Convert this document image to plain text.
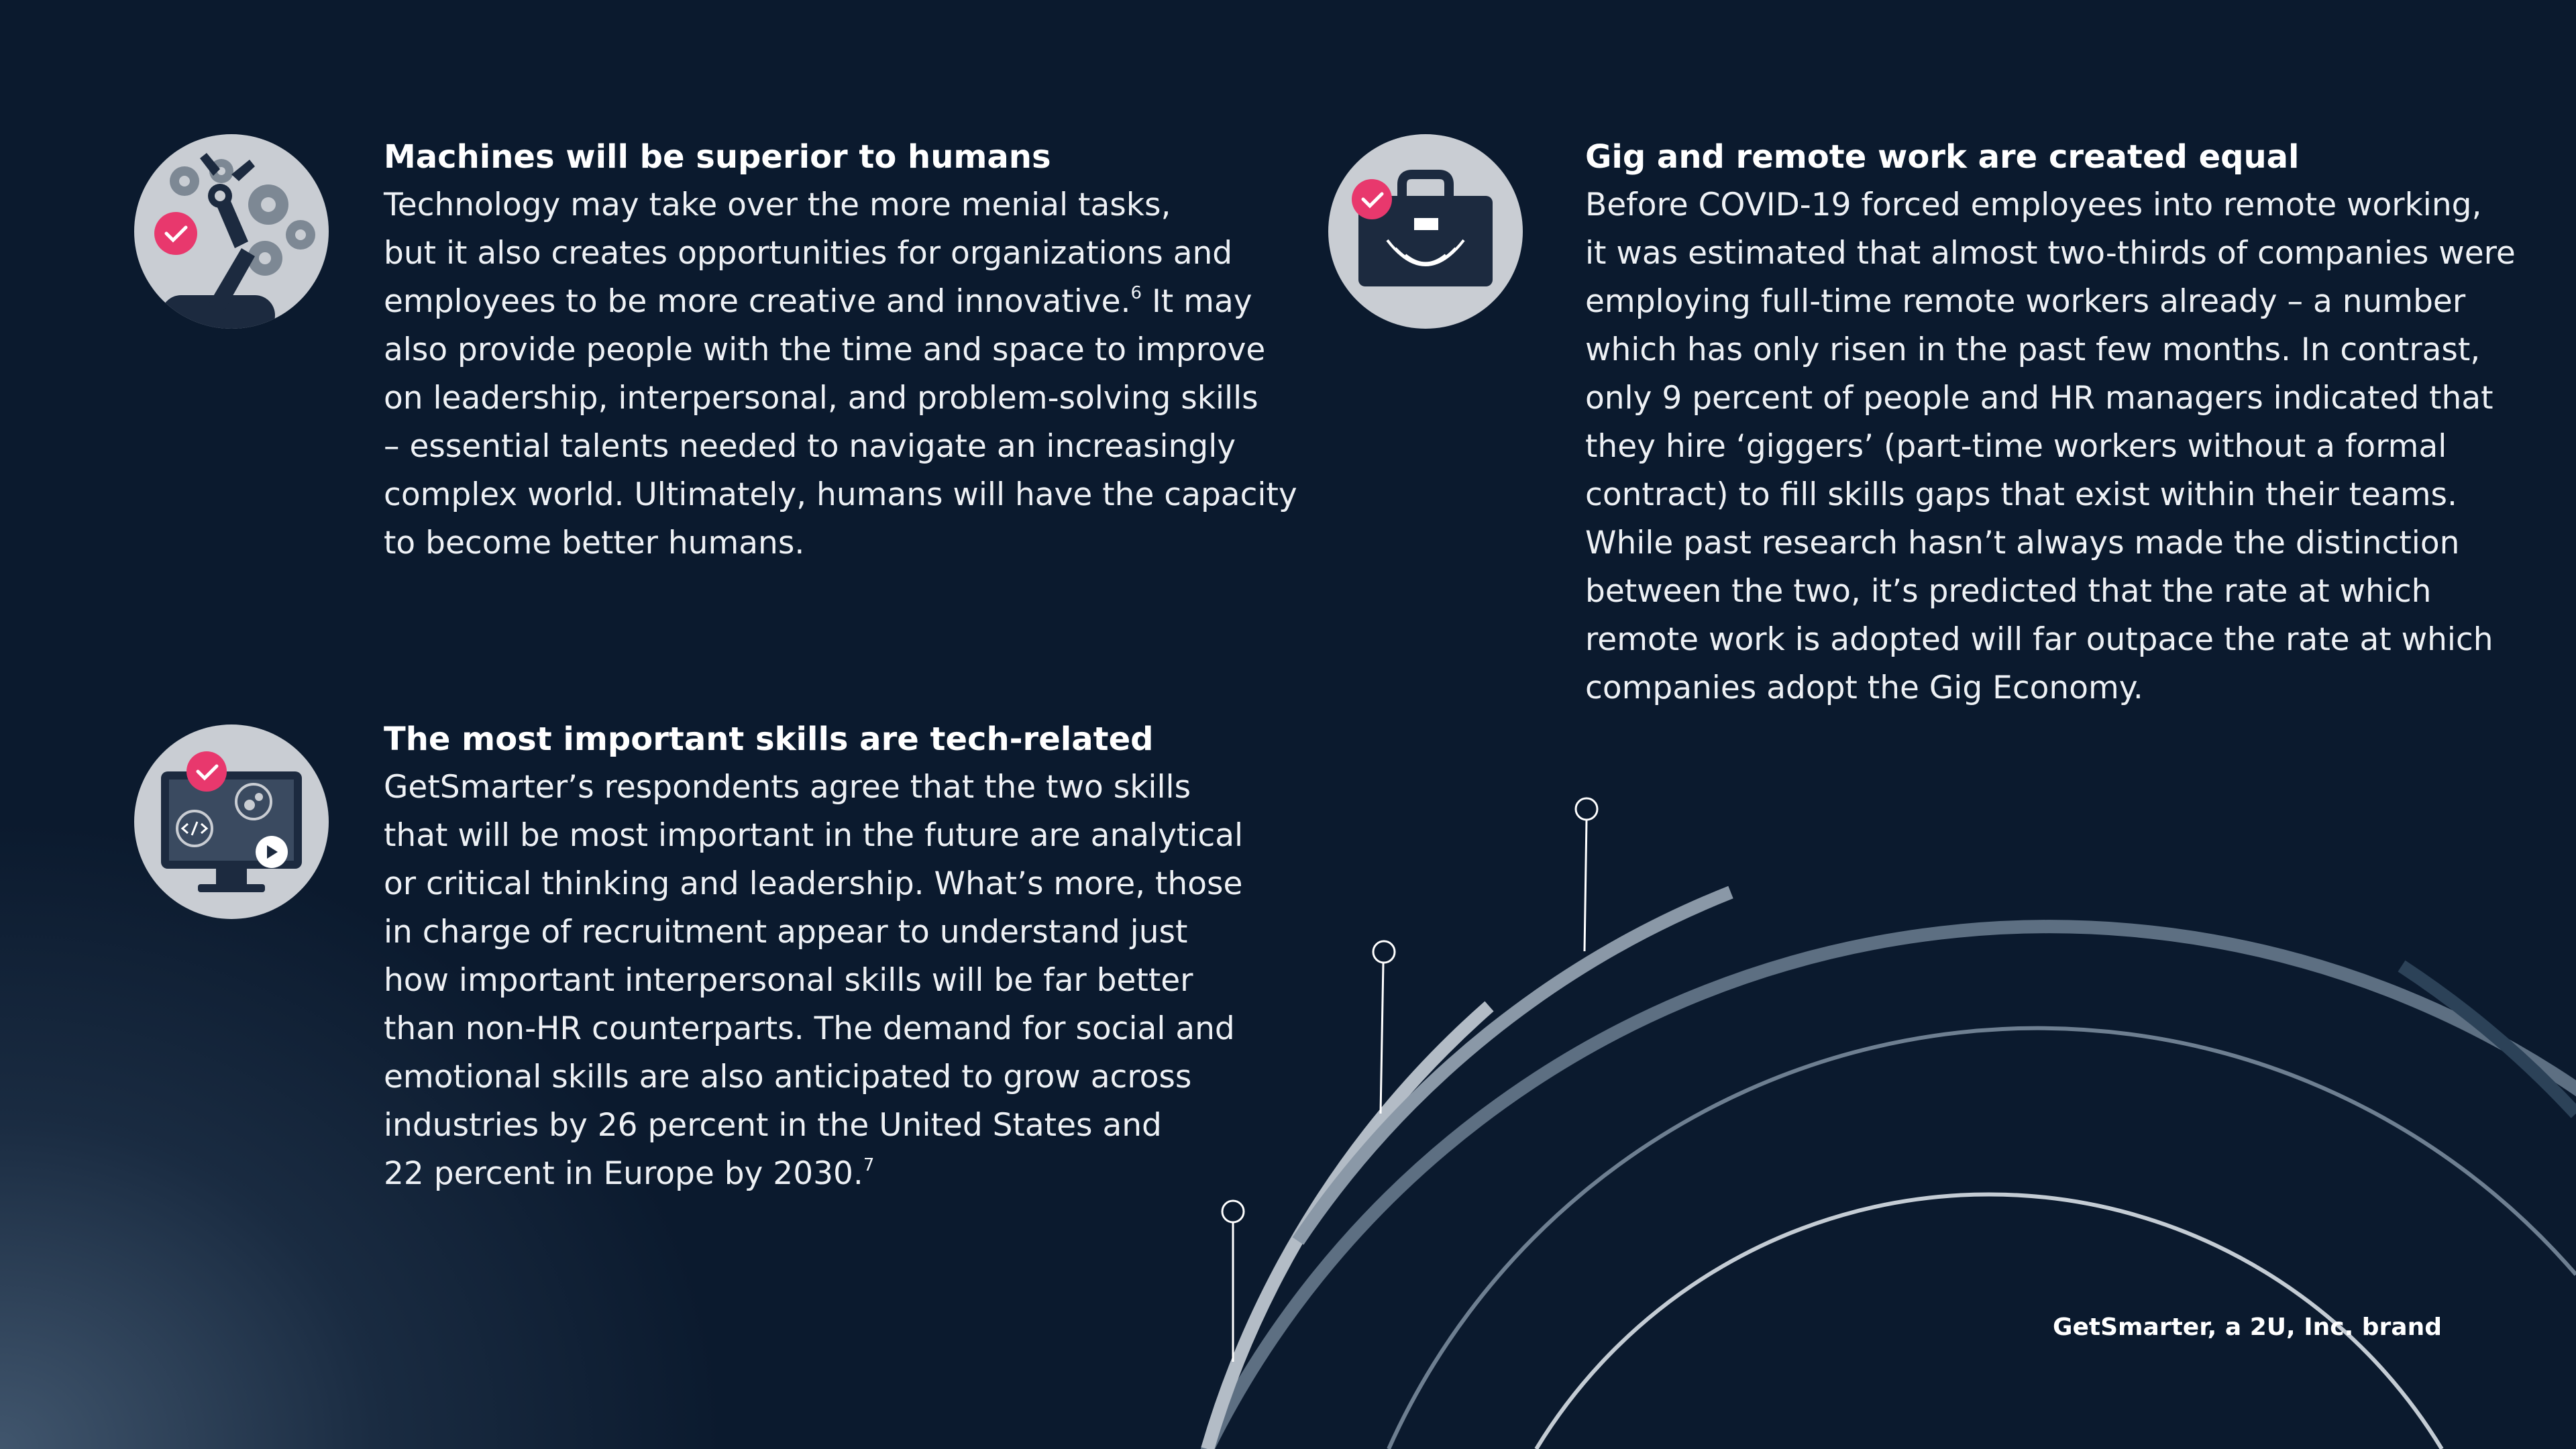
Machines will be superior to humans
Technology may take over the more menial tasks,
but it also creates opportunities for organizations and
employees to be more creative and innovative.$^6$ It may
also provide people with the time and space to improve
on leadership, interpersonal, and problem-solving skills
– essential talents needed to navigate an increasingly
complex world. Ultimately, humans will have the capacity
to become better humans.
Gig and remote work are created equal
Before COVID-19 forced employees into remote working,
it was estimated that almost two-thirds of companies were
employing full-time remote workers already – a number
which has only risen in the past few months. In contrast,
only 9 percent of people and HR managers indicated that
they hire ‘giggers’ (part-time workers without a formal
contract) to fill skills gaps that exist within their teams.
While past research hasn’t always made the distinction
between the two, it’s predicted that the rate at which
remote work is adopted will far outpace the rate at which
companies adopt the Gig Economy.
The most important skills are tech-related
GetSmarter’s respondents agree that the two skills
that will be most important in the future are analytical
or critical thinking and leadership. What’s more, those
in charge of recruitment appear to understand just
how important interpersonal skills will be far better
than non-HR counterparts. The demand for social and
emotional skills are also anticipated to grow across
industries by 26 percent in the United States and
22 percent in Europe by 2030.$^7$
GetSmarter, a 2U, Inc. brand
